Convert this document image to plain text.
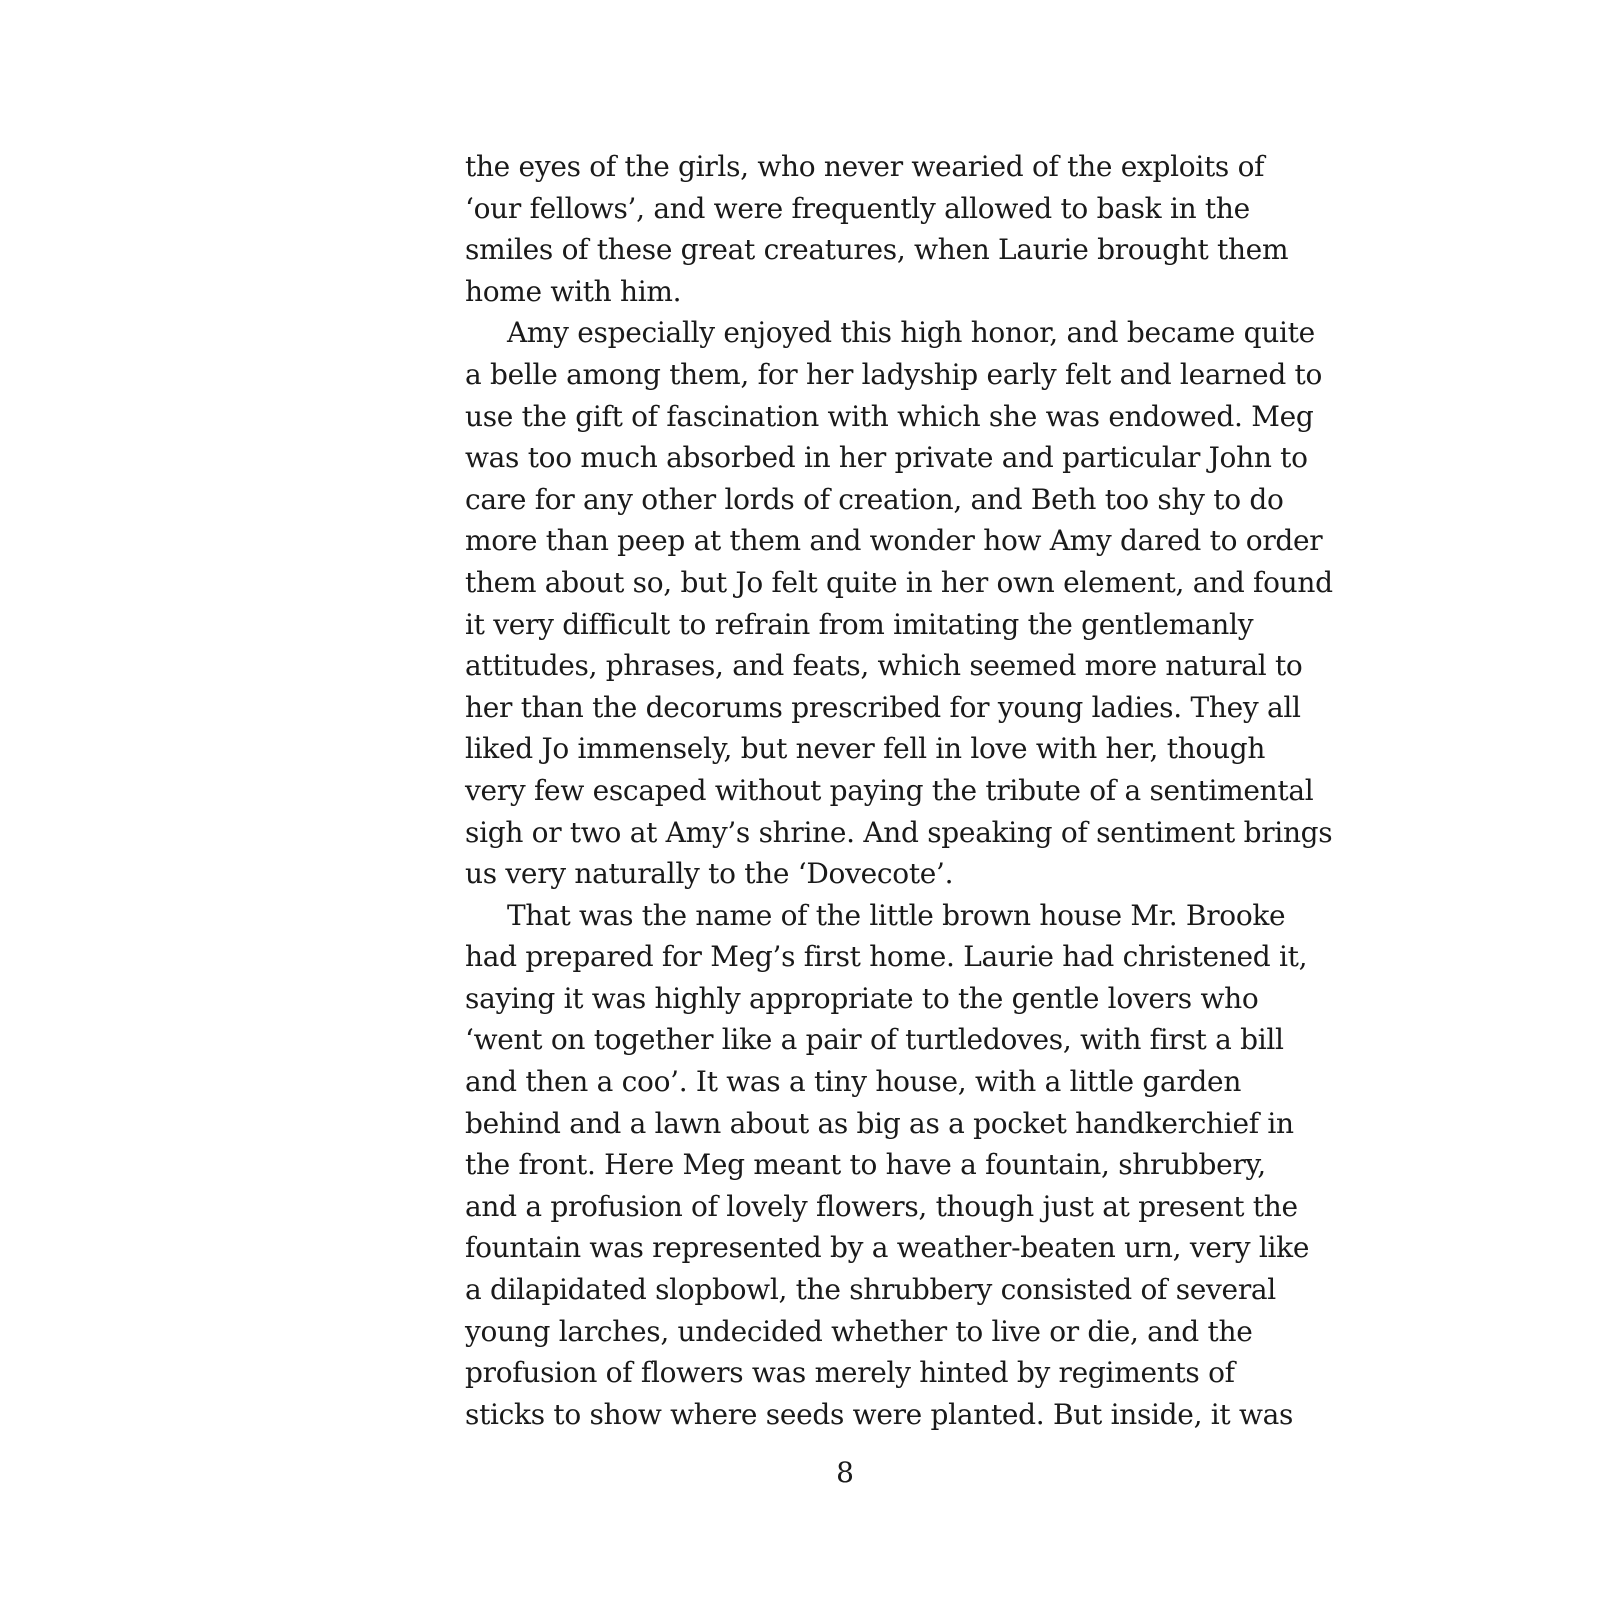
the eyes of the girls, who never wearied of the exploits of
‘our fellows’, and were frequently allowed to bask in the
smiles of these great creatures, when Laurie brought them
home with him.
Amy especially enjoyed this high honor, and became quite
a belle among them, for her ladyship early felt and learned to
use the gift of fascination with which she was endowed. Meg
was too much absorbed in her private and particular John to
care for any other lords of creation, and Beth too shy to do
more than peep at them and wonder how Amy dared to order
them about so, but Jo felt quite in her own element, and found
it very difficult to refrain from imitating the gentlemanly
attitudes, phrases, and feats, which seemed more natural to
her than the decorums prescribed for young ladies. They all
liked Jo immensely, but never fell in love with her, though
very few escaped without paying the tribute of a sentimental
sigh or two at Amy’s shrine. And speaking of sentiment brings
us very naturally to the ‘Dovecote’.
That was the name of the little brown house Mr. Brooke
had prepared for Meg’s first home. Laurie had christened it,
saying it was highly appropriate to the gentle lovers who
‘went on together like a pair of turtledoves, with first a bill
and then a coo’. It was a tiny house, with a little garden
behind and a lawn about as big as a pocket handkerchief in
the front. Here Meg meant to have a fountain, shrubbery,
and a profusion of lovely flowers, though just at present the
fountain was represented by a weather-beaten urn, very like
a dilapidated slopbowl, the shrubbery consisted of several
young larches, undecided whether to live or die, and the
profusion of flowers was merely hinted by regiments of
sticks to show where seeds were planted. But inside, it was
8
